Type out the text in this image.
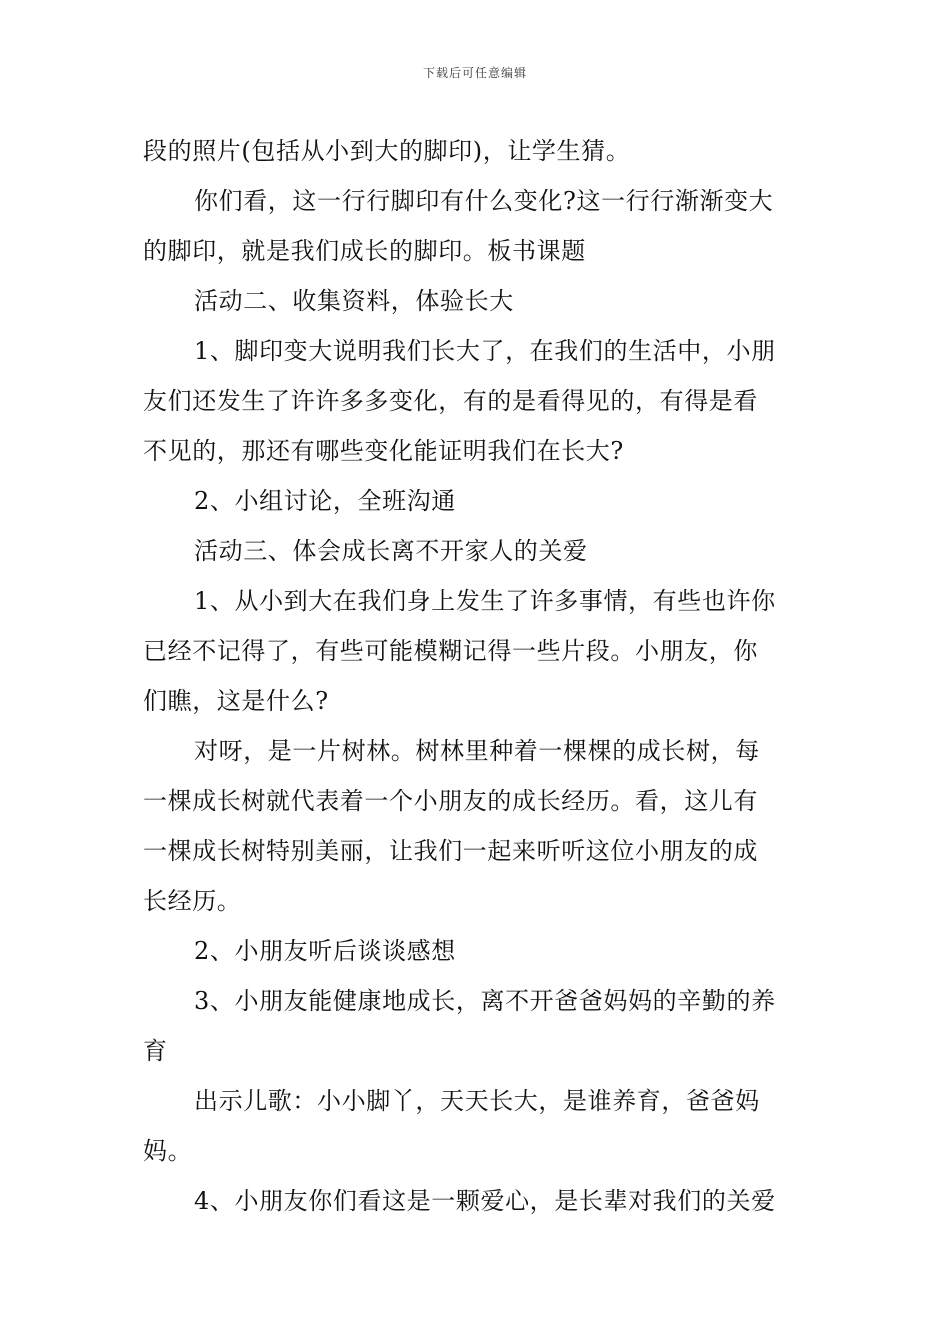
下载后可任意编辑
段的照片(包括从小到大的脚印)，让学生猜。
你们看，这一行行脚印有什么变化?这一行行渐渐变大
的脚印，就是我们成长的脚印。板书课题
活动二、收集资料，体验长大
1、脚印变大说明我们长大了，在我们的生活中，小朋
友们还发生了许许多多变化，有的是看得见的，有得是看
不见的，那还有哪些变化能证明我们在长大?
2、小组讨论，全班沟通
活动三、体会成长离不开家人的关爱
1、从小到大在我们身上发生了许多事情，有些也许你
已经不记得了，有些可能模糊记得一些片段。小朋友，你
们瞧，这是什么?
对呀，是一片树林。树林里种着一棵棵的成长树，每
一棵成长树就代表着一个小朋友的成长经历。看，这儿有
一棵成长树特别美丽，让我们一起来听听这位小朋友的成
长经历。
2、小朋友听后谈谈感想
3、小朋友能健康地成长，离不开爸爸妈妈的辛勤的养
育
出示儿歌：小小脚丫，天天长大，是谁养育，爸爸妈
妈。
4、小朋友你们看这是一颗爱心，是长辈对我们的关爱
